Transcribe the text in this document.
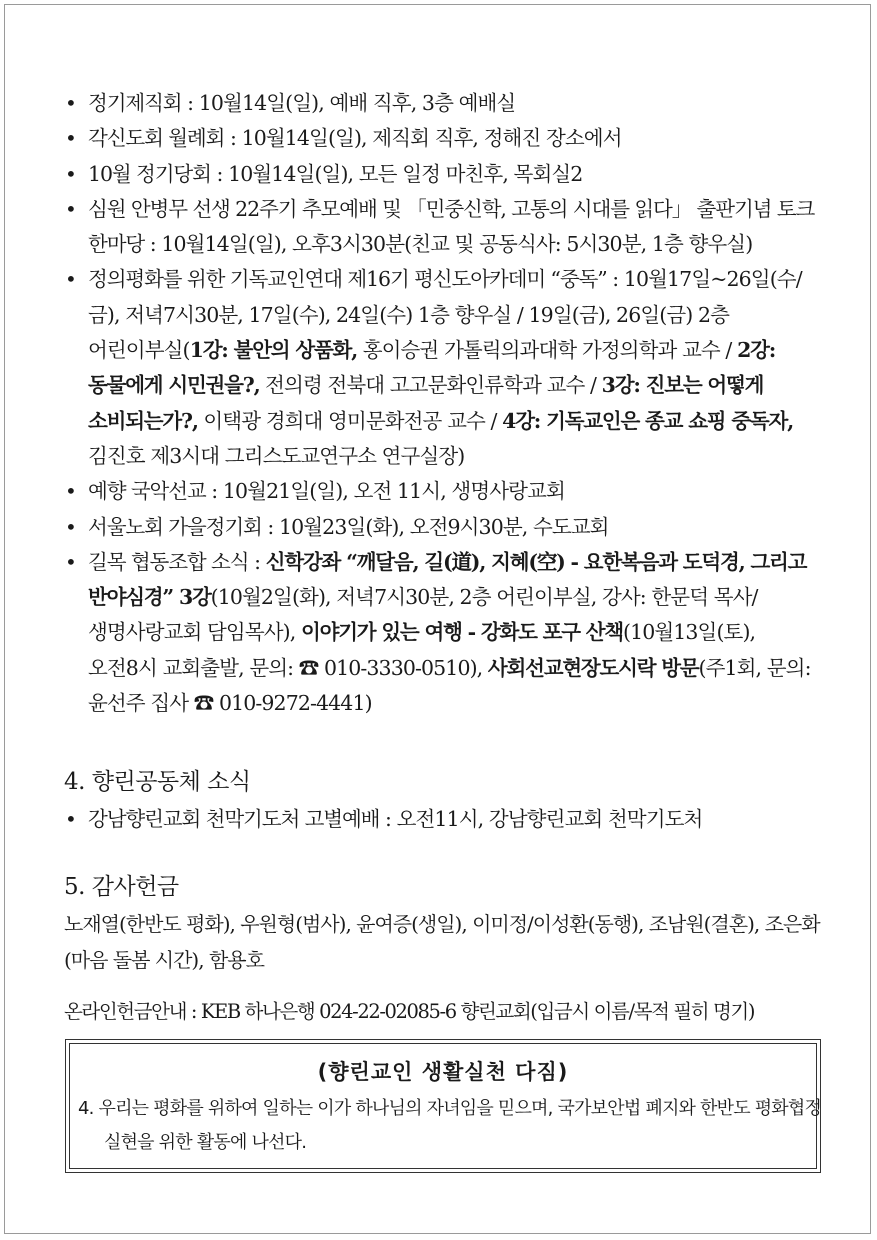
• 정기제직회 : 10월14일(일), 예배 직후, 3층 예배실
• 각신도회 월례회 : 10월14일(일), 제직회 직후, 정해진 장소에서
• 10월 정기당회 : 10월14일(일), 모든 일정 마친후, 목회실2
• 심원 안병무 선생 22주기 추모예배 및 「민중신학, 고통의 시대를 읽다」 출판기념 토크 한마당 : 10월14일(일), 오후3시30분(친교 및 공동식사: 5시30분, 1층 향우실)
• 정의평화를 위한 기독교인연대 제16기 평신도아카데미 “중독” : 10월17일~26일(수/금), 저녁7시30분, 17일(수), 24일(수) 1층 향우실 / 19일(금), 26일(금) 2층 어린이부실(1강: 불안의 상품화, 홍이승권 가톨릭의과대학 가정의학과 교수 / 2강: 동물에게 시민권을?, 전의령 전북대 고고문화인류학과 교수 / 3강: 진보는 어떻게 소비되는가?, 이택광 경희대 영미문화전공 교수 / 4강: 기독교인은 종교 쇼핑 중독자, 김진호 제3시대 그리스도교연구소 연구실장)
• 예향 국악선교 : 10월21일(일), 오전 11시, 생명사랑교회
• 서울노회 가을정기회 : 10월23일(화), 오전9시30분, 수도교회
• 길목 협동조합 소식 : 신학강좌 “깨달음, 길(道), 지혜(空) - 요한복음과 도덕경, 그리고 반야심경” 3강(10월2일(화), 저녁7시30분, 2층 어린이부실, 강사: 한문덕 목사/생명사랑교회 담임목사), 이야기가 있는 여행 - 강화도 포구 산책(10월13일(토), 오전8시 교회출발, 문의: ☎ 010-3330-0510), 사회선교현장도시락 방문(주1회, 문의: 윤선주 집사 ☎ 010-9272-4441)
4. 향린공동체 소식
• 강남향린교회 천막기도처 고별예배 : 오전11시, 강남향린교회 천막기도처
5. 감사헌금
노재열(한반도 평화), 우원형(범사), 윤여증(생일), 이미정/이성환(동행), 조남원(결혼), 조은화(마음 돌봄 시간), 함용호
온라인헌금안내 : KEB 하나은행 024-22-02085-6 향린교회(입금시 이름/목적 필히 명기)
(향린교인 생활실천 다짐)
4. 우리는 평화를 위하여 일하는 이가 하나님의 자녀임을 믿으며, 국가보안법 폐지와 한반도 평화협정 실현을 위한 활동에 나선다.
